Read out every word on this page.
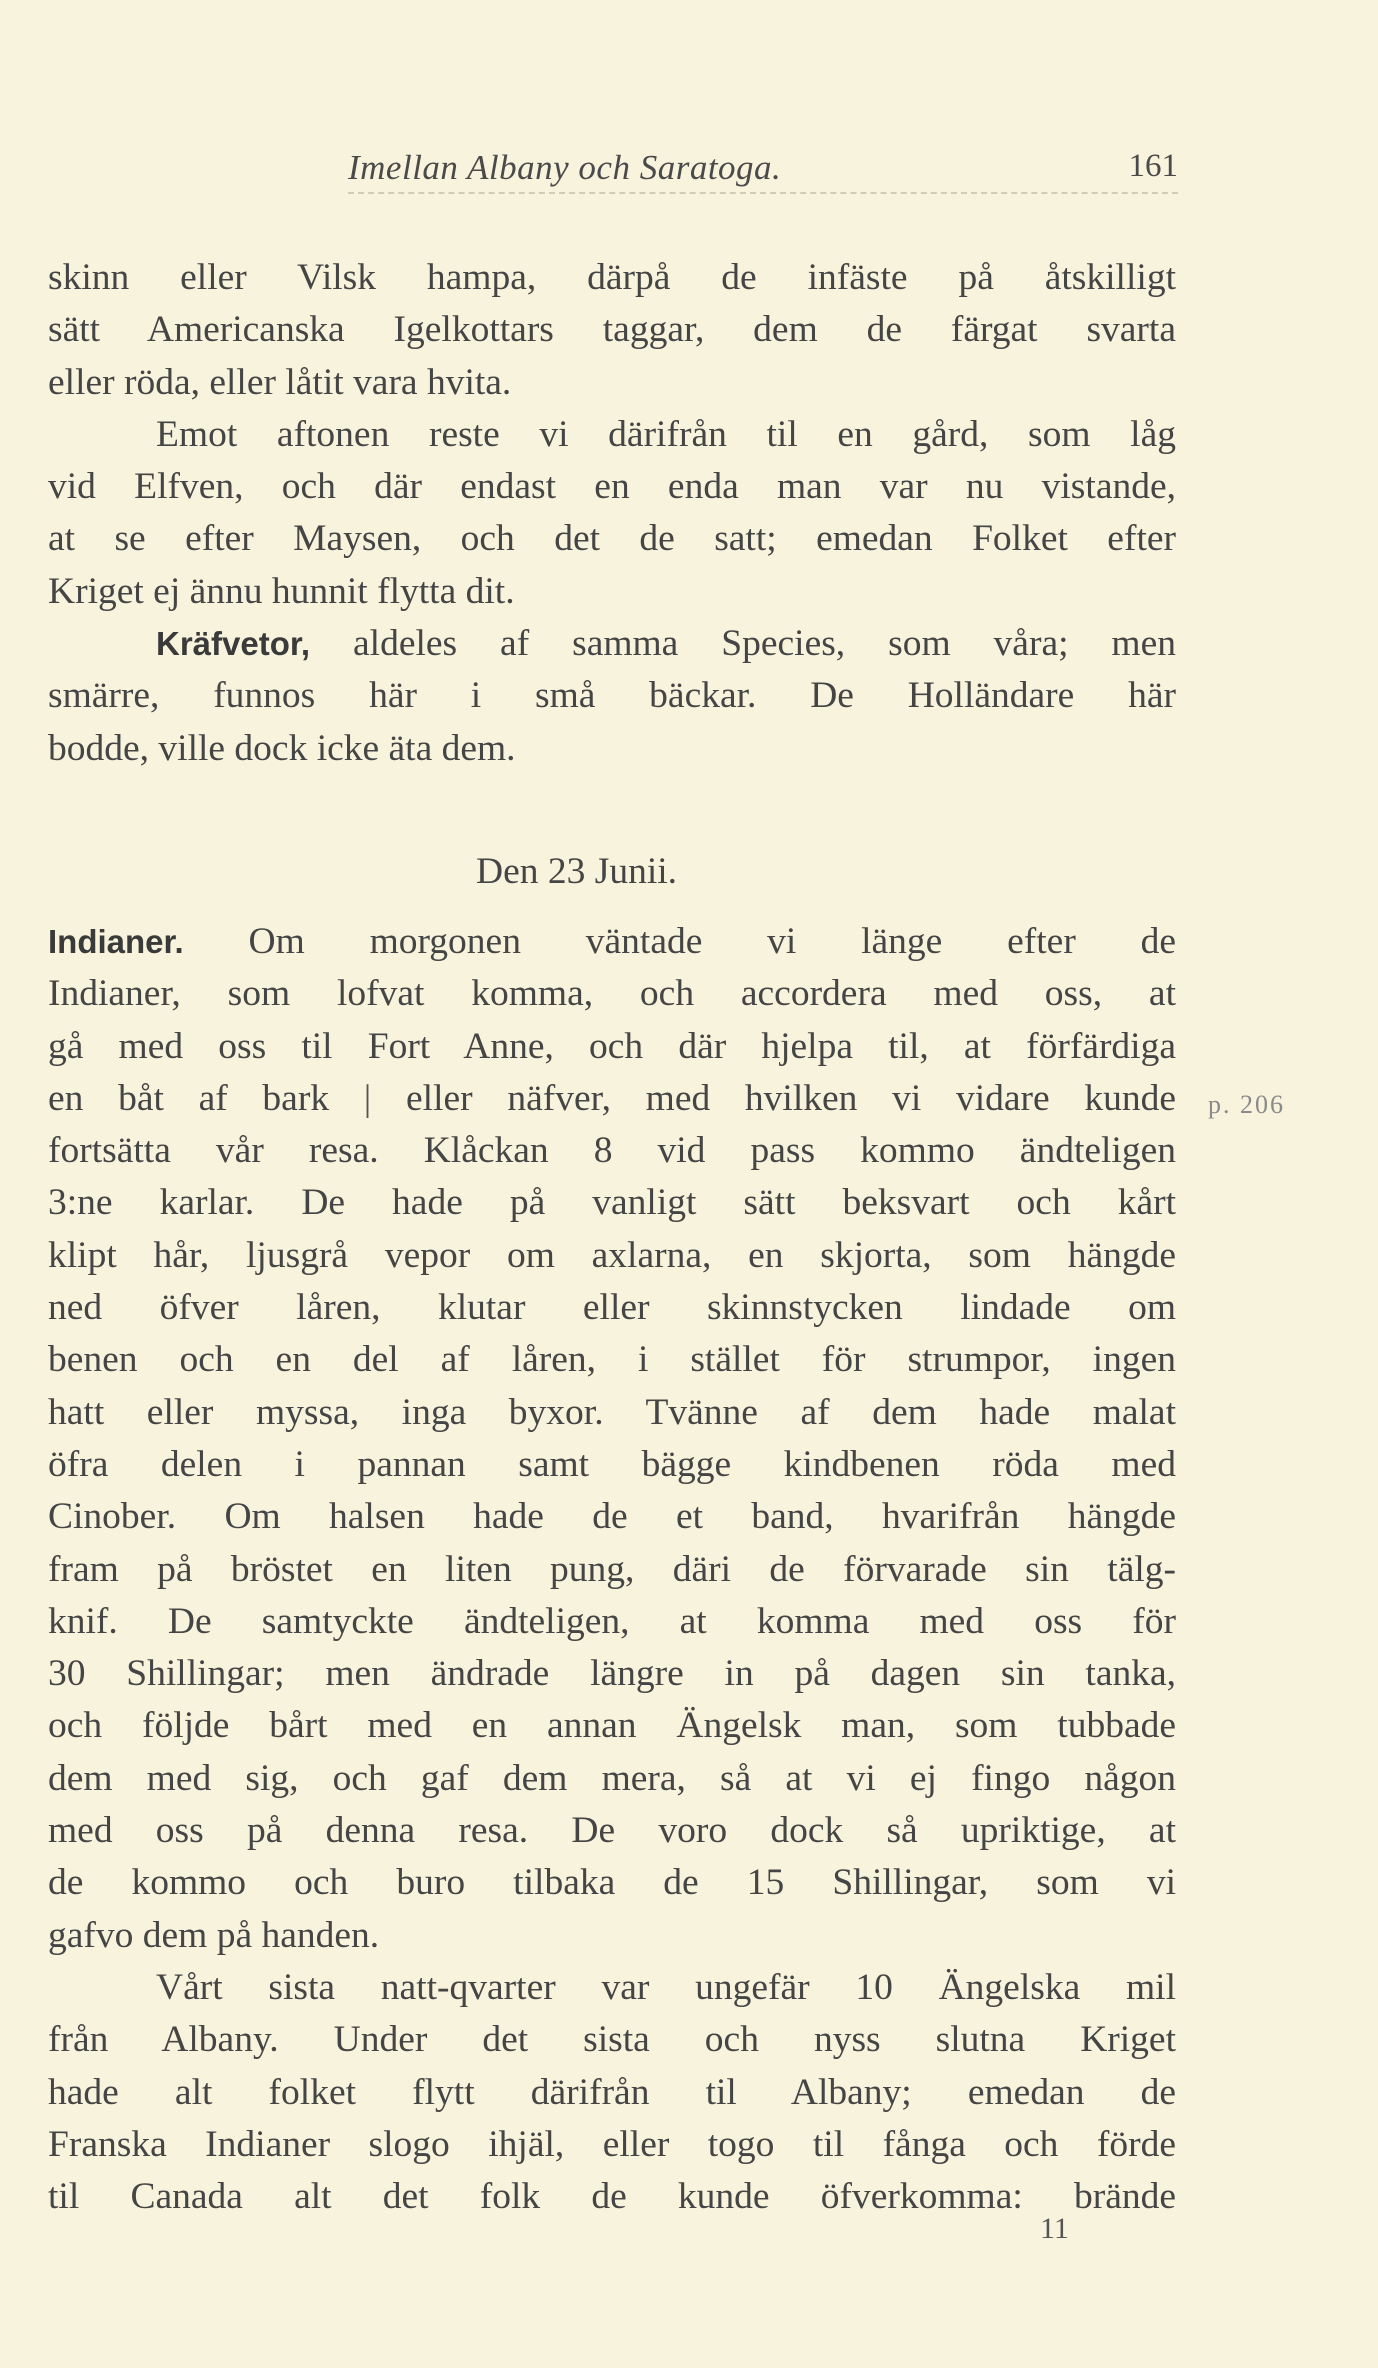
Imellan Albany och Saratoga.	161
skinn eller Vilsk hampa, därpå de infäste på åtskilligt
sätt Americanska Igelkottars taggar, dem de färgat svarta
eller röda, eller låtit vara hvita.
Emot aftonen reste vi därifrån til en gård, som låg
vid Elfven, och där endast en enda man var nu vistande,
at se efter Maysen, och det de satt; emedan Folket efter
Kriget ej ännu hunnit flytta dit.
Kräfvetor, aldeles af samma Species, som våra; men
smärre, funnos här i små bäckar. De Holländare här
bodde, ville dock icke äta dem.
Den 23 Junii.
Indianer. Om morgonen väntade vi länge efter de
Indianer, som lofvat komma, och accordera med oss, at
gå med oss til Fort Anne, och där hjelpa til, at förfärdiga
en båt af bark | eller näfver, med hvilken vi vidare kunde
fortsätta vår resa. Klåckan 8 vid pass kommo ändteligen
3:ne karlar. De hade på vanligt sätt beksvart och kårt
klipt hår, ljusgrå vepor om axlarna, en skjorta, som hängde
ned öfver låren, klutar eller skinnstycken lindade om
benen och en del af låren, i stället för strumpor, ingen
hatt eller myssa, inga byxor. Tvänne af dem hade malat
öfra delen i pannan samt bägge kindbenen röda med
Cinober. Om halsen hade de et band, hvarifrån hängde
fram på bröstet en liten pung, däri de förvarade sin tälg-
knif. De samtyckte ändteligen, at komma med oss för
30 Shillingar; men ändrade längre in på dagen sin tanka,
och följde bårt med en annan Ängelsk man, som tubbade
dem med sig, och gaf dem mera, så at vi ej fingo någon
med oss på denna resa. De voro dock så upriktige, at
de kommo och buro tilbaka de 15 Shillingar, som vi
gafvo dem på handen.
Vårt sista natt-qvarter var ungefär 10 Ängelska mil
från Albany. Under det sista och nyss slutna Kriget
hade alt folket flytt därifrån til Albany; emedan de
Franska Indianer slogo ihjäl, eller togo til fånga och förde
til Canada alt det folk de kunde öfverkomma: brände
p. 206
11
